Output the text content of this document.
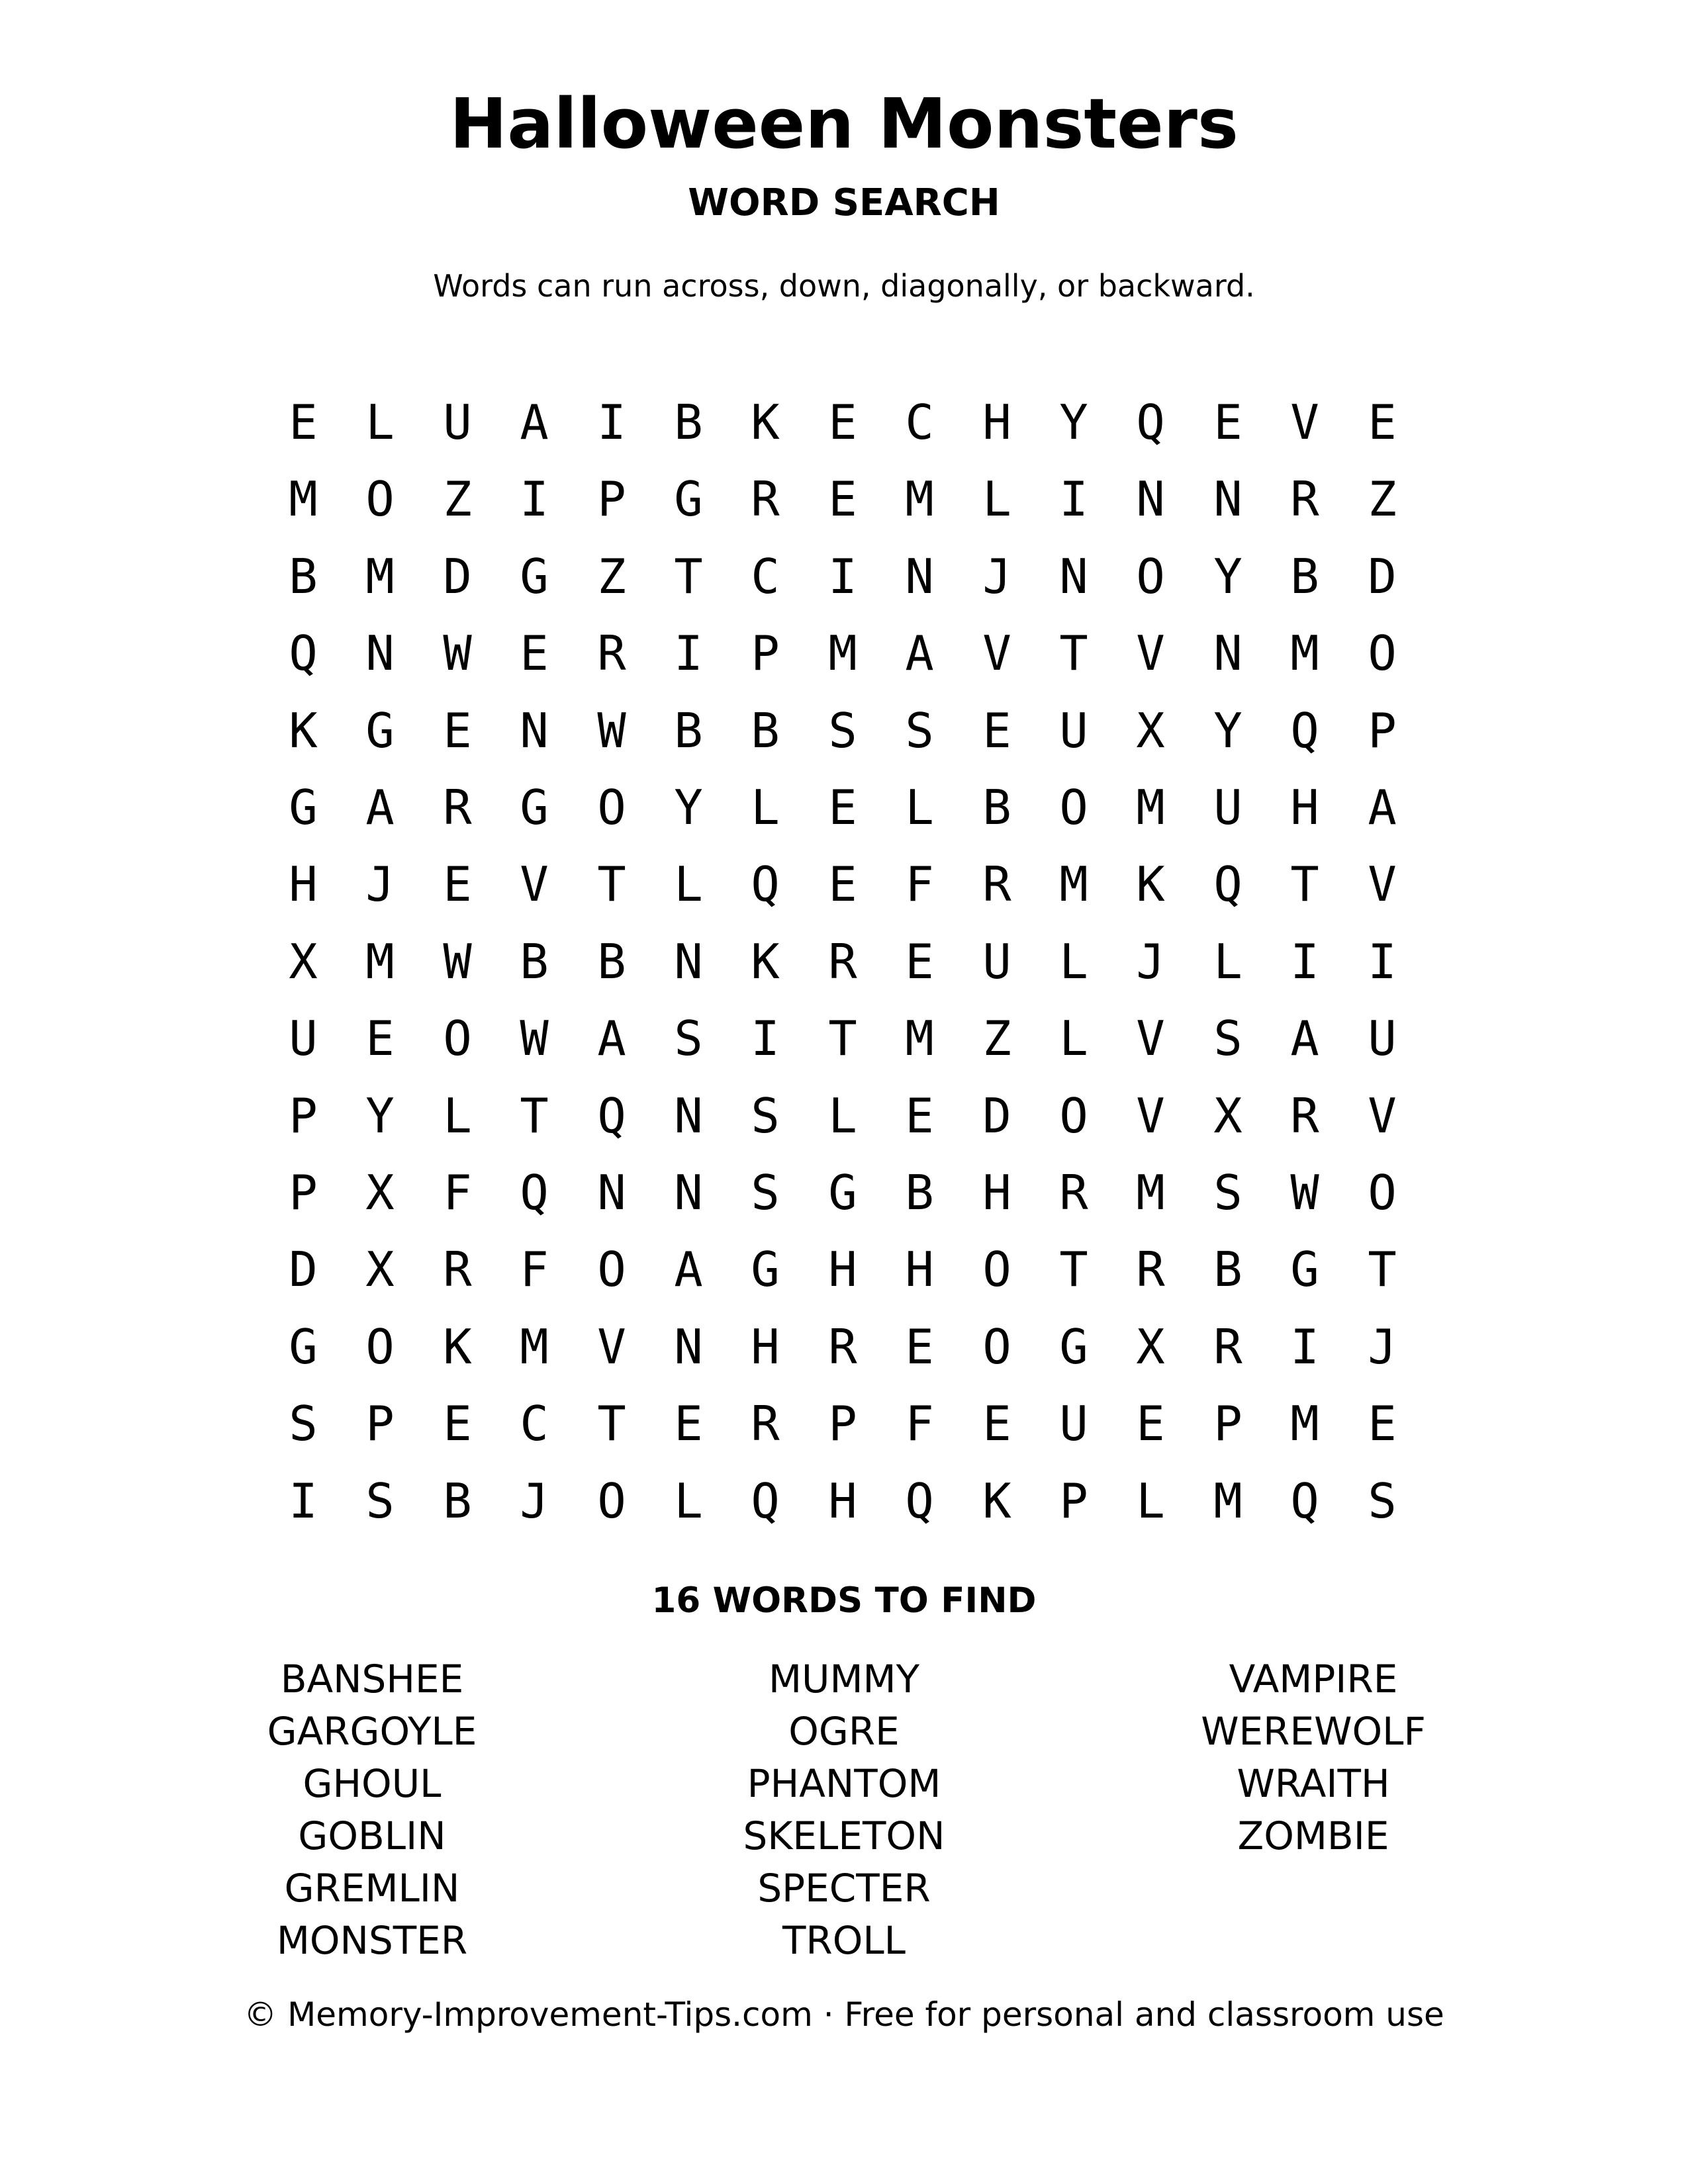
Halloween Monsters
WORD SEARCH
Words can run across, down, diagonally, or backward.
E	L	U	A	I	B	K	E	C	H	Y	Q	E	V	E
M	O	Z	I	P	G	R	E	M	L	I	N	N	R	Z
B	M	D	G	Z	T	C	I	N	J	N	O	Y	B	D
Q	N	W	E	R	I	P	M	A	V	T	V	N	M	O
K	G	E	N	W	B	B	S	S	E	U	X	Y	Q	P
G	A	R	G	O	Y	L	E	L	B	O	M	U	H	A
H	J	E	V	T	L	Q	E	F	R	M	K	Q	T	V
X	M	W	B	B	N	K	R	E	U	L	J	L	I	I
U	E	O	W	A	S	I	T	M	Z	L	V	S	A	U
P	Y	L	T	Q	N	S	L	E	D	O	V	X	R	V
P	X	F	Q	N	N	S	G	B	H	R	M	S	W	O
D	X	R	F	O	A	G	H	H	O	T	R	B	G	T
G	O	K	M	V	N	H	R	E	O	G	X	R	I	J
S	P	E	C	T	E	R	P	F	E	U	E	P	M	E
I	S	B	J	O	L	Q	H	Q	K	P	L	M	Q	S
16 WORDS TO FIND
BANSHEE
GARGOYLE
GHOUL
GOBLIN
GREMLIN
MONSTER
MUMMY
OGRE
PHANTOM
SKELETON
SPECTER
TROLL
VAMPIRE
WEREWOLF
WRAITH
ZOMBIE
© Memory-Improvement-Tips.com · Free for personal and classroom use
